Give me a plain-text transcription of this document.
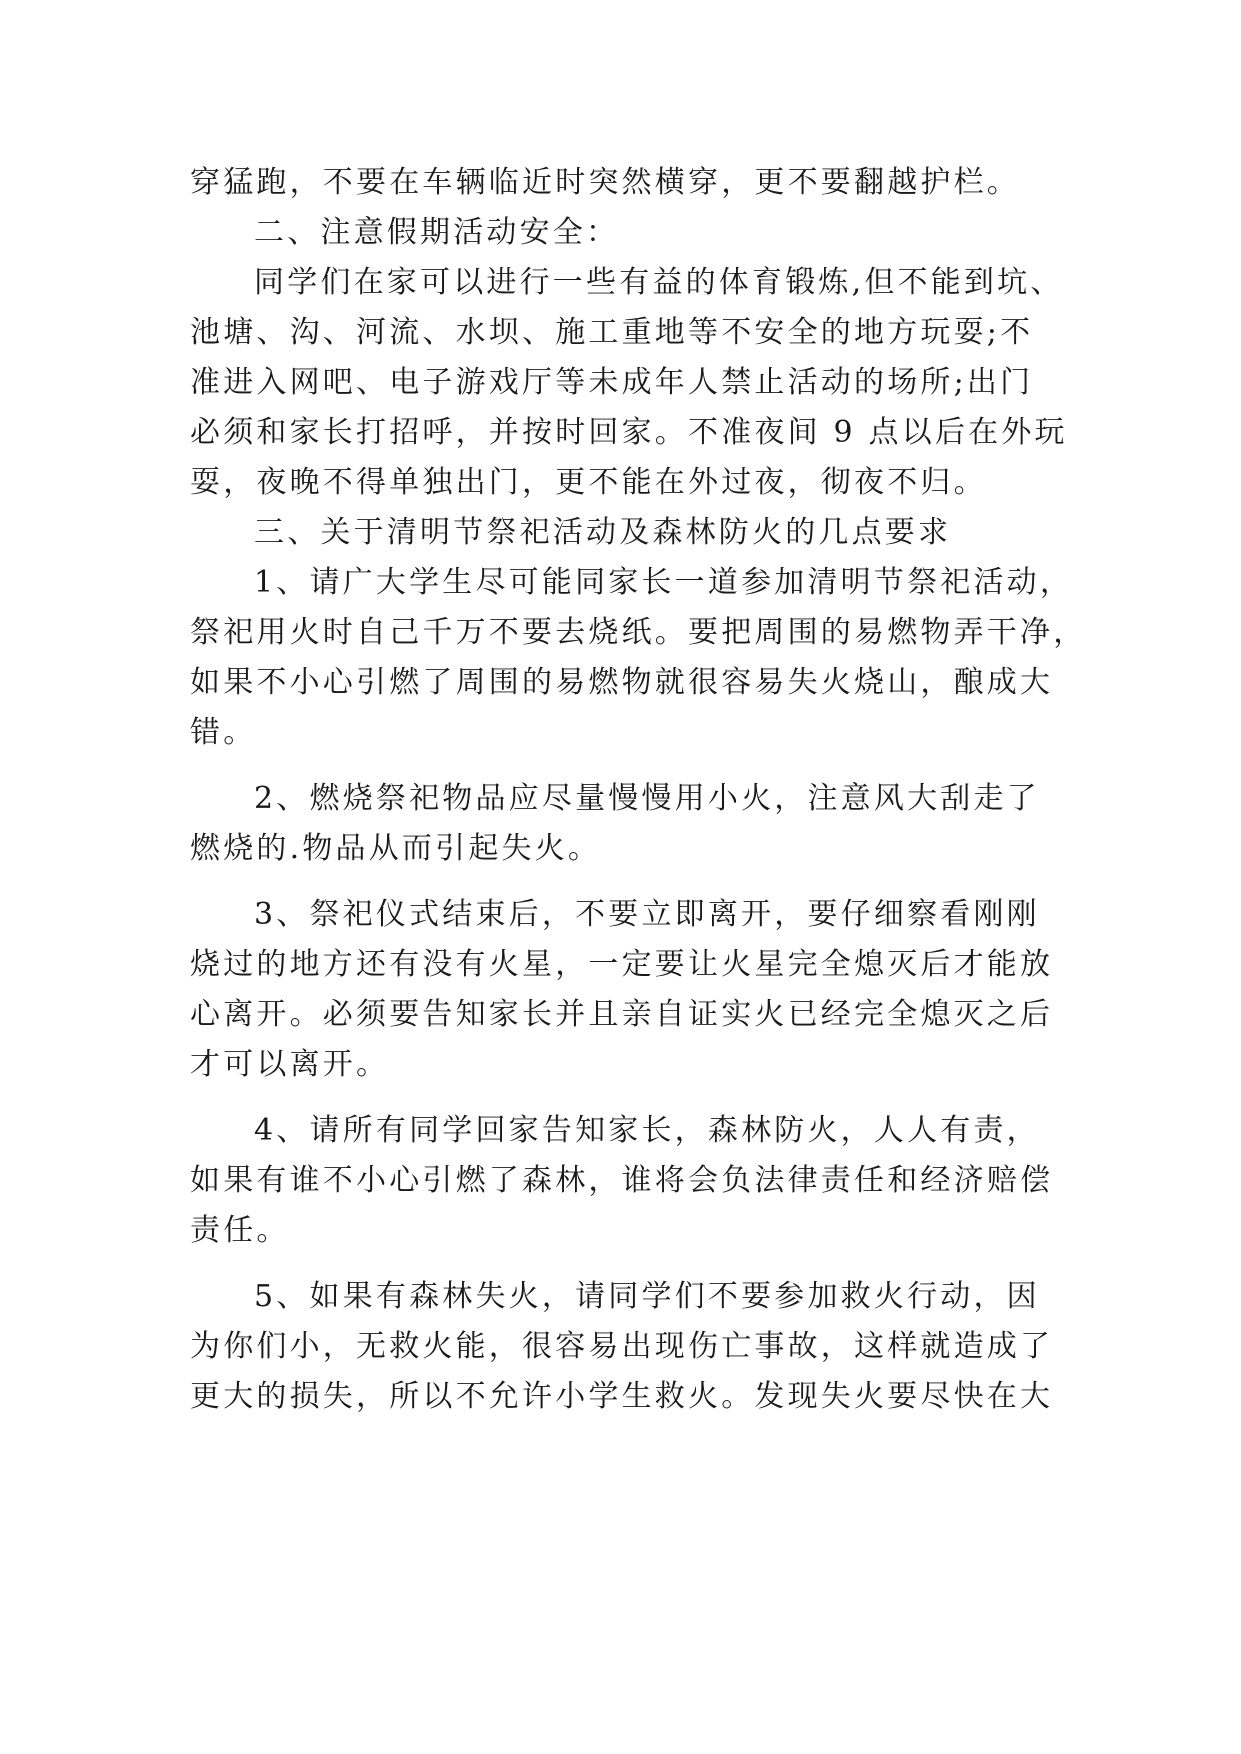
穿猛跑，不要在车辆临近时突然横穿，更不要翻越护栏。
二、注意假期活动安全：
同学们在家可以进行一些有益的体育锻炼,但不能到坑、
池塘、沟、河流、水坝、施工重地等不安全的地方玩耍;不
准进入网吧、电子游戏厅等未成年人禁止活动的场所;出门
必须和家长打招呼，并按时回家。不准夜间 9 点以后在外玩
耍，夜晚不得单独出门，更不能在外过夜，彻夜不归。
三、关于清明节祭祀活动及森林防火的几点要求
1、请广大学生尽可能同家长一道参加清明节祭祀活动，
祭祀用火时自己千万不要去烧纸。要把周围的易燃物弄干净，
如果不小心引燃了周围的易燃物就很容易失火烧山，酿成大
错。
2、燃烧祭祀物品应尽量慢慢用小火，注意风大刮走了
燃烧的.物品从而引起失火。
3、祭祀仪式结束后，不要立即离开，要仔细察看刚刚
烧过的地方还有没有火星，一定要让火星完全熄灭后才能放
心离开。必须要告知家长并且亲自证实火已经完全熄灭之后
才可以离开。
4、请所有同学回家告知家长，森林防火，人人有责，
如果有谁不小心引燃了森林，谁将会负法律责任和经济赔偿
责任。
5、如果有森林失火，请同学们不要参加救火行动，因
为你们小，无救火能，很容易出现伤亡事故，这样就造成了
更大的损失，所以不允许小学生救火。发现失火要尽快在大
